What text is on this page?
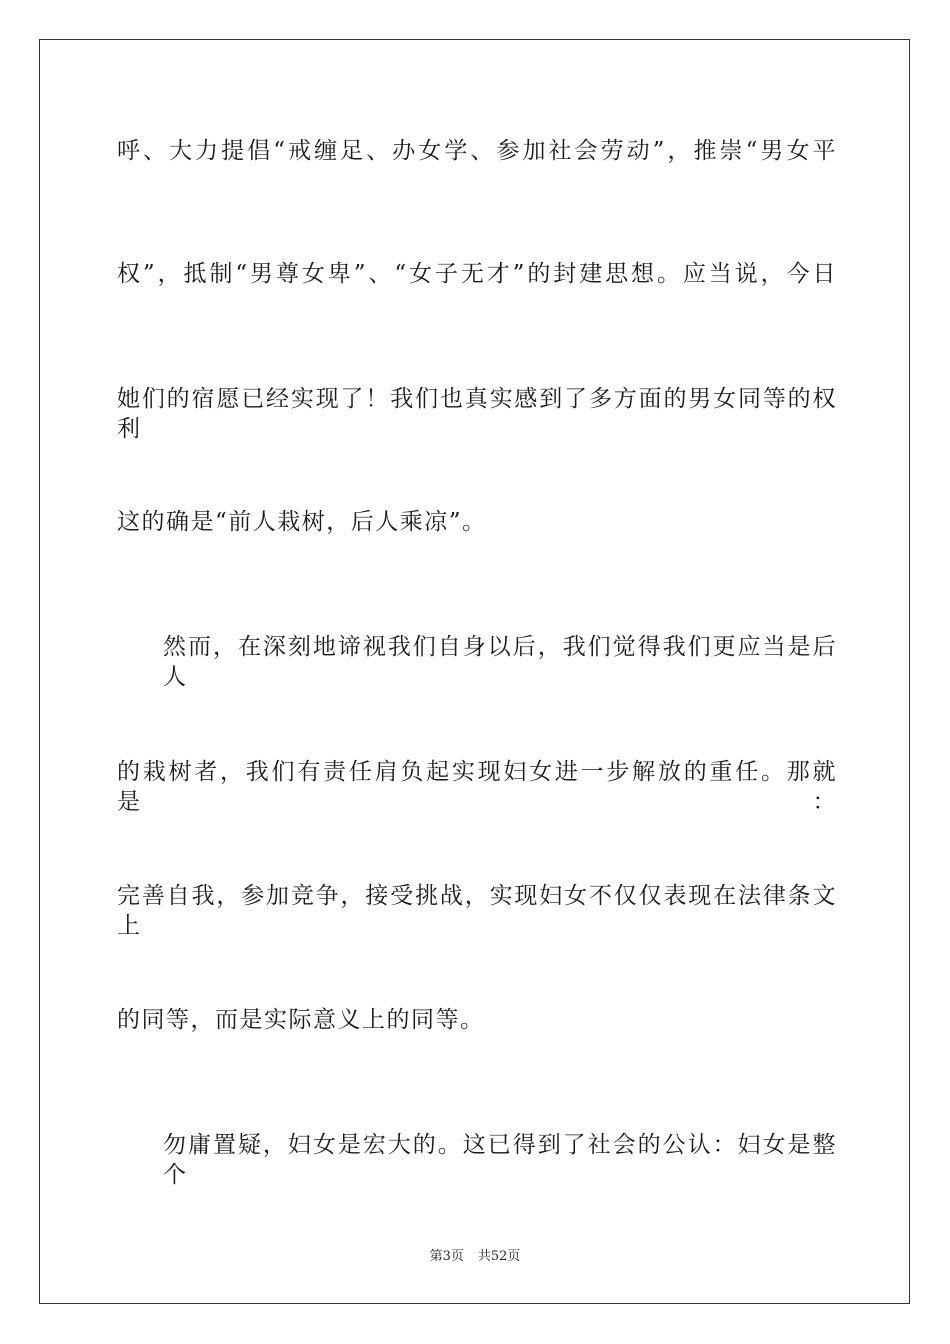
呼、大力提倡“戒缠足、办女学、参加社会劳动”，推崇“男女平
权”，抵制“男尊女卑”、“女子无才”的封建思想。应当说，今日
她们的宿愿已经实现了！我们也真实感到了多方面的男女同等的权利
这的确是“前人栽树，后人乘凉”。
然而，在深刻地谛视我们自身以后，我们觉得我们更应当是后人
的栽树者，我们有责任肩负起实现妇女进一步解放的重任。那就是：
完善自我，参加竞争，接受挑战，实现妇女不仅仅表现在法律条文上
的同等，而是实际意义上的同等。
勿庸置疑，妇女是宏大的。这已得到了社会的公认：妇女是整个
第3页 共52页
